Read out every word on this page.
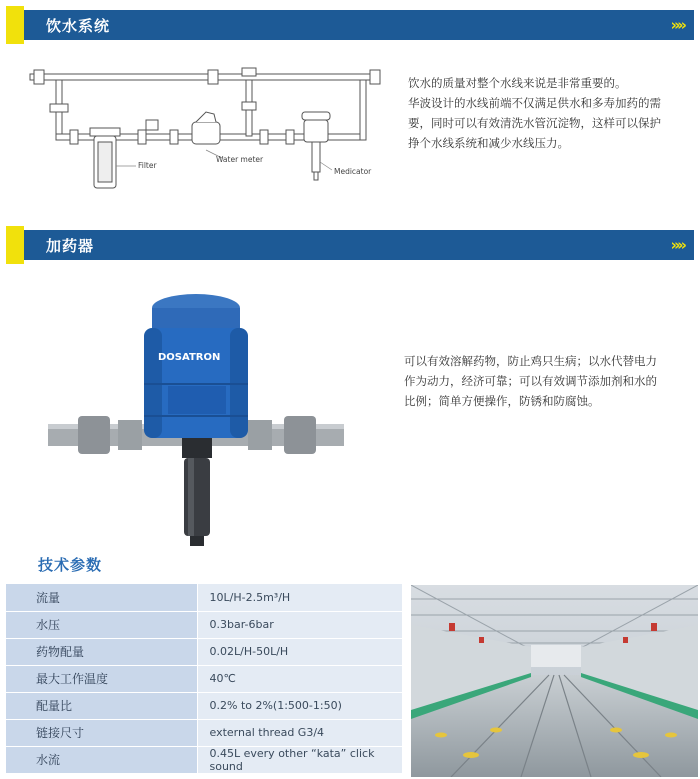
饮水系统	»»
Filter
Water meter
Medicator
饮水的质量对整个水线来说是非常重要的。
华波设计的水线前端不仅满足供水和多寿加药的需
要，同时可以有效清洗水管沉淀物，这样可以保护
挣个水线系统和减少水线压力。
加药器	»»
DOSATRON	可以有效溶解药物，防止鸡只生病；以水代替电力
作为动力，经济可靠；可以有效调节添加剂和水的
比例；简单方便操作，防锈和防腐蚀。
技术参数
流量	10L/H-2.5m³/H
水压	0.3bar-6bar
药物配量	0.02L/H-50L/H
最大工作温度	40℃
配量比	0.2% to 2%(1:500-1:50)
链接尺寸	external thread G3/4
水流	0.45L every other “kata” click sound
